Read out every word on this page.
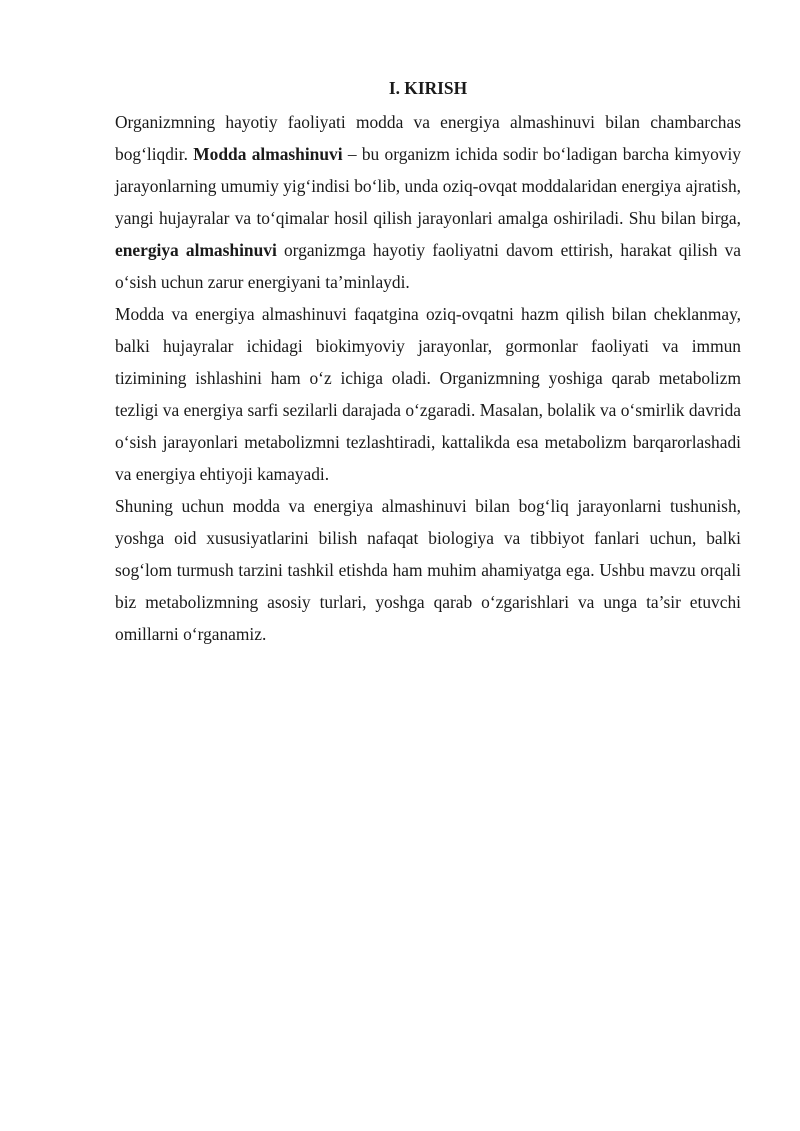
I. KIRISH

Organizmning hayotiy faoliyati modda va energiya almashinuvi bilan chambarchas bog‘liqdir. Modda almashinuvi – bu organizm ichida sodir bo‘ladigan barcha kimyoviy jarayonlarning umumiy yig‘indisi bo‘lib, unda oziq-ovqat moddalaridan energiya ajratish, yangi hujayralar va to‘qimalar hosil qilish jarayonlari amalga oshiriladi. Shu bilan birga, energiya almashinuvi organizmga hayotiy faoliyatni davom ettirish, harakat qilish va o‘sish uchun zarur energiyani ta’minlaydi.

Modda va energiya almashinuvi faqatgina oziq-ovqatni hazm qilish bilan cheklanmay, balki hujayralar ichidagi biokimyoviy jarayonlar, gormonlar faoliyati va immun tizimining ishlashini ham o‘z ichiga oladi. Organizmning yoshiga qarab metabolizm tezligi va energiya sarfi sezilarli darajada o‘zgaradi. Masalan, bolalik va o‘smirlik davrida o‘sish jarayonlari metabolizmni tezlashtiradi, kattalikda esa metabolizm barqarorlashadi va energiya ehtiyoji kamayadi.

Shuning uchun modda va energiya almashinuvi bilan bog‘liq jarayonlarni tushunish, yoshga oid xususiyatlarini bilish nafaqat biologiya va tibbiyot fanlari uchun, balki sog‘lom turmush tarzini tashkil etishda ham muhim ahamiyatga ega. Ushbu mavzu orqali biz metabolizmning asosiy turlari, yoshga qarab o‘zgarishlari va unga ta’sir etuvchi omillarni o‘rganamiz.
